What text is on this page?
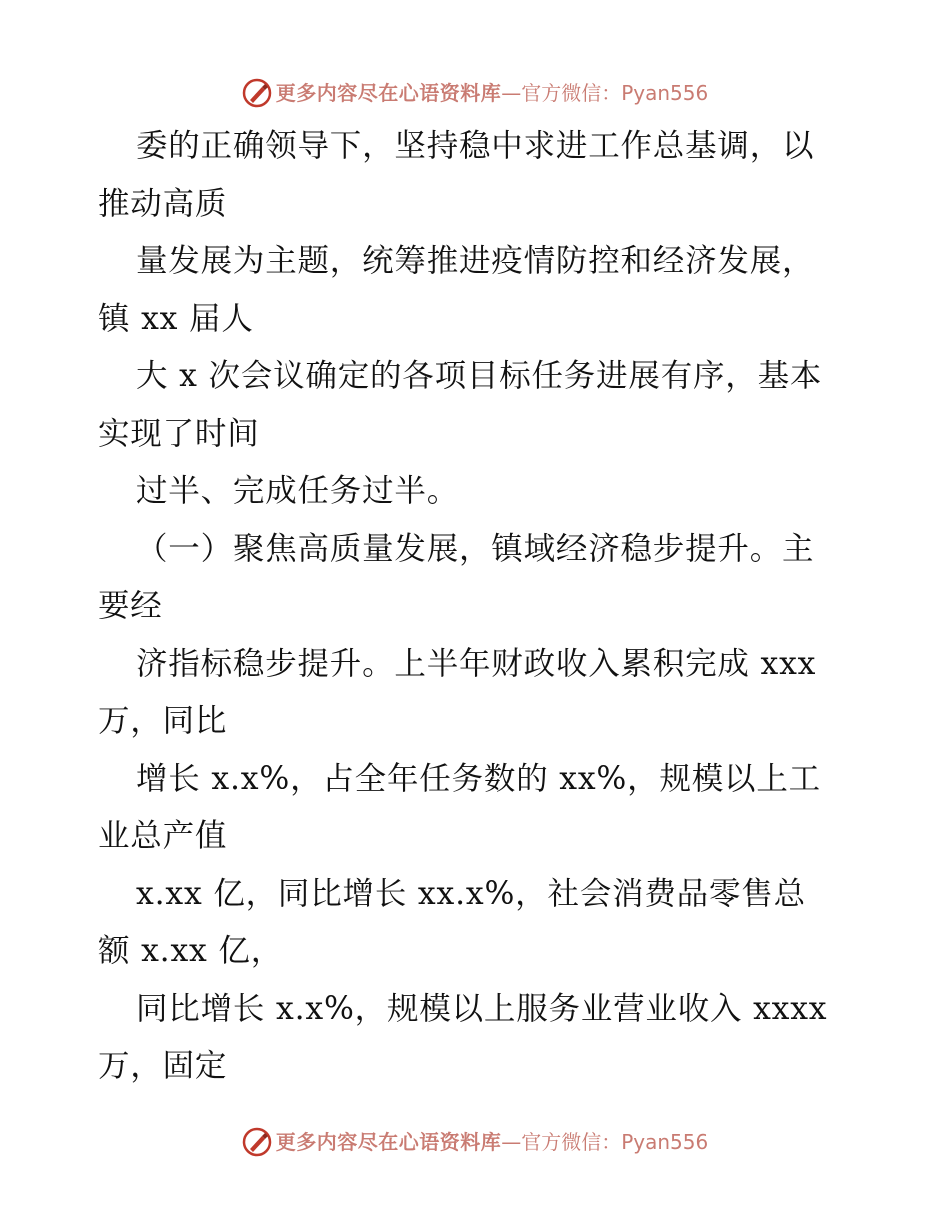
更多内容尽在心语资料库—官方微信：Pyan556
委的正确领导下，坚持稳中求进工作总基调，以
推动高质
量发展为主题，统筹推进疫情防控和经济发展，
镇 xx 届人
大 x 次会议确定的各项目标任务进展有序，基本
实现了时间
过半、完成任务过半。
（一）聚焦高质量发展，镇域经济稳步提升。主
要经
济指标稳步提升。上半年财政收入累积完成 xxx
万，同比
增长 x.x%，占全年任务数的 xx%，规模以上工
业总产值
x.xx 亿，同比增长 xx.x%，社会消费品零售总
额 x.xx 亿，
同比增长 x.x%，规模以上服务业营业收入 xxxx
万，固定
更多内容尽在心语资料库—官方微信：Pyan556
